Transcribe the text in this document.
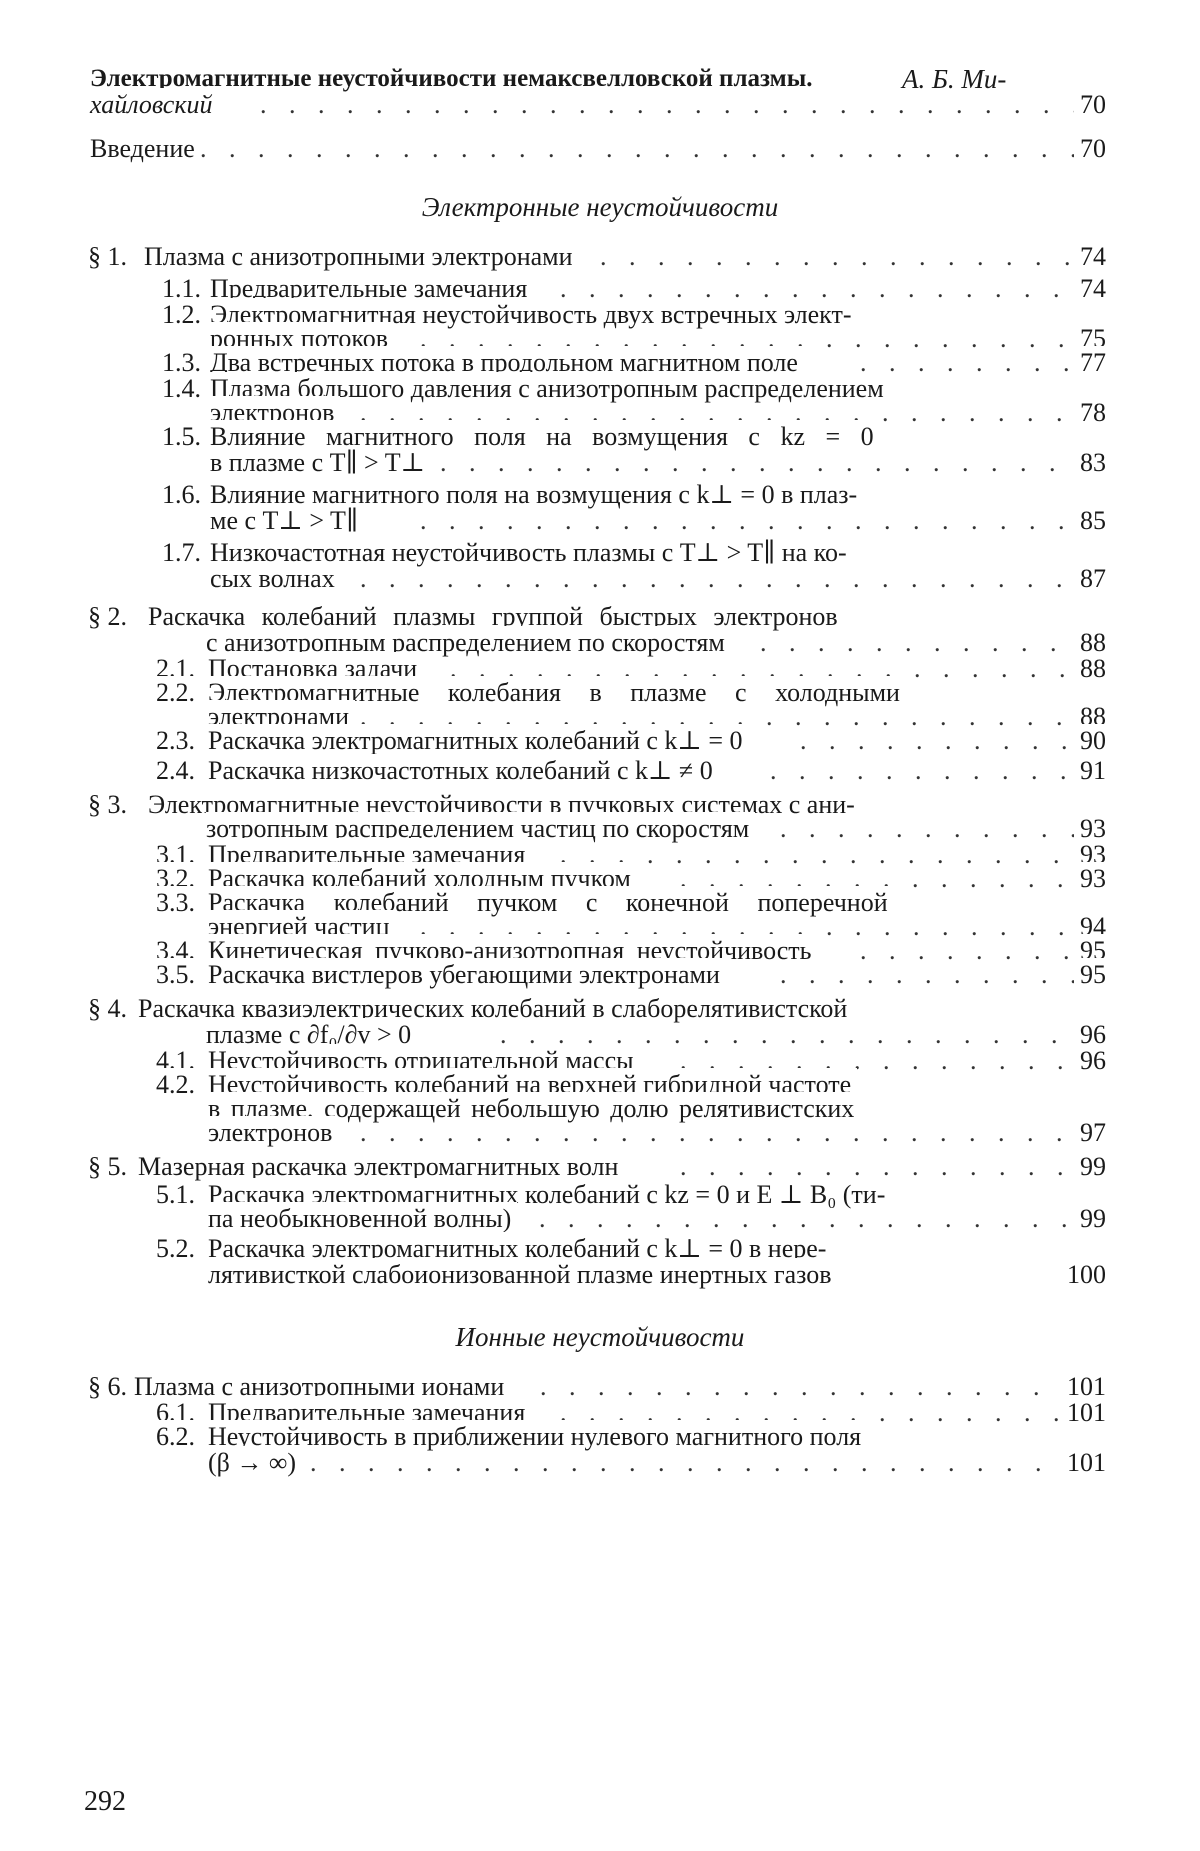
Электромагнитные неустойчивости немаксвелловской плазмы.	А. Б. Ми-
хайловский
. . .	70
Введение
. . .	70
Электронные неустойчивости
§ 1. Плазма с анизотропными электронами
. . .	74
1.1. Предварительные замечания
. . .	74
1.2. Электромагнитная неустойчивость двух встречных элект-
ронных потоков
. . .	75
1.3. Два встречных потока в продольном магнитном поле
. . .	77
1.4. Плазма большого давления с анизотропным распределением
электронов
. . .	78
1.5. Влияние магнитного поля на возмущения с kz = 0
в плазме с T∥ > T⊥
. . .	83
1.6. Влияние магнитного поля на возмущения с k⊥ = 0 в плаз-
ме с T⊥ > T∥
. . .	85
1.7. Низкочастотная неустойчивость плазмы с T⊥ > T∥ на ко-
сых волнах
. . .	87
§ 2. Раскачка колебаний плазмы группой быстрых электронов
с анизотропным распределением по скоростям
. . .	88
2.1. Постановка задачи
. . .	88
2.2. Электромагнитные колебания в плазме с холодными
электронами
. . .	88
2.3. Раскачка электромагнитных колебаний с k⊥ = 0
. . .	90
2.4. Раскачка низкочастотных колебаний с k⊥ ≠ 0
. . .	91
§ 3. Электромагнитные неустойчивости в пучковых системах с ани-
зотропным распределением частиц по скоростям
. . .	93
3.1. Предварительные замечания
. . .	93
3.2. Раскачка колебаний холодным пучком
. . .	93
3.3. Раскачка колебаний пучком с конечной поперечной
энергией частиц
. . .	94
3.4. Кинетическая пучково-анизотропная неустойчивость
. . .	95
3.5. Раскачка вистлеров убегающими электронами
. . .	95
§ 4. Раскачка квазиэлектрических колебаний в слаборелятивистской
плазме с ∂f₀/∂v > 0
. . .	96
4.1. Неустойчивость отрицательной массы
. . .	96
4.2. Неустойчивость колебаний на верхней гибридной частоте
в плазме, содержащей небольшую долю релятивистских
электронов
. . .	97
§ 5. Мазерная раскачка электромагнитных волн
. . .	99
5.1. Раскачка электромагнитных колебаний с kz = 0 и E ⊥ B₀ (ти-
па необыкновенной волны)
. . .	99
5.2. Раскачка электромагнитных колебаний с k⊥ = 0 в нере-
лятивисткой слабоионизованной плазме инертных газов	100
Ионные неустойчивости
§ 6. Плазма с анизотропными ионами
. . .	101
6.1. Предварительные замечания
. . .	101
6.2. Неустойчивость в приближении нулевого магнитного поля
(β → ∞)
. . .	101
292
